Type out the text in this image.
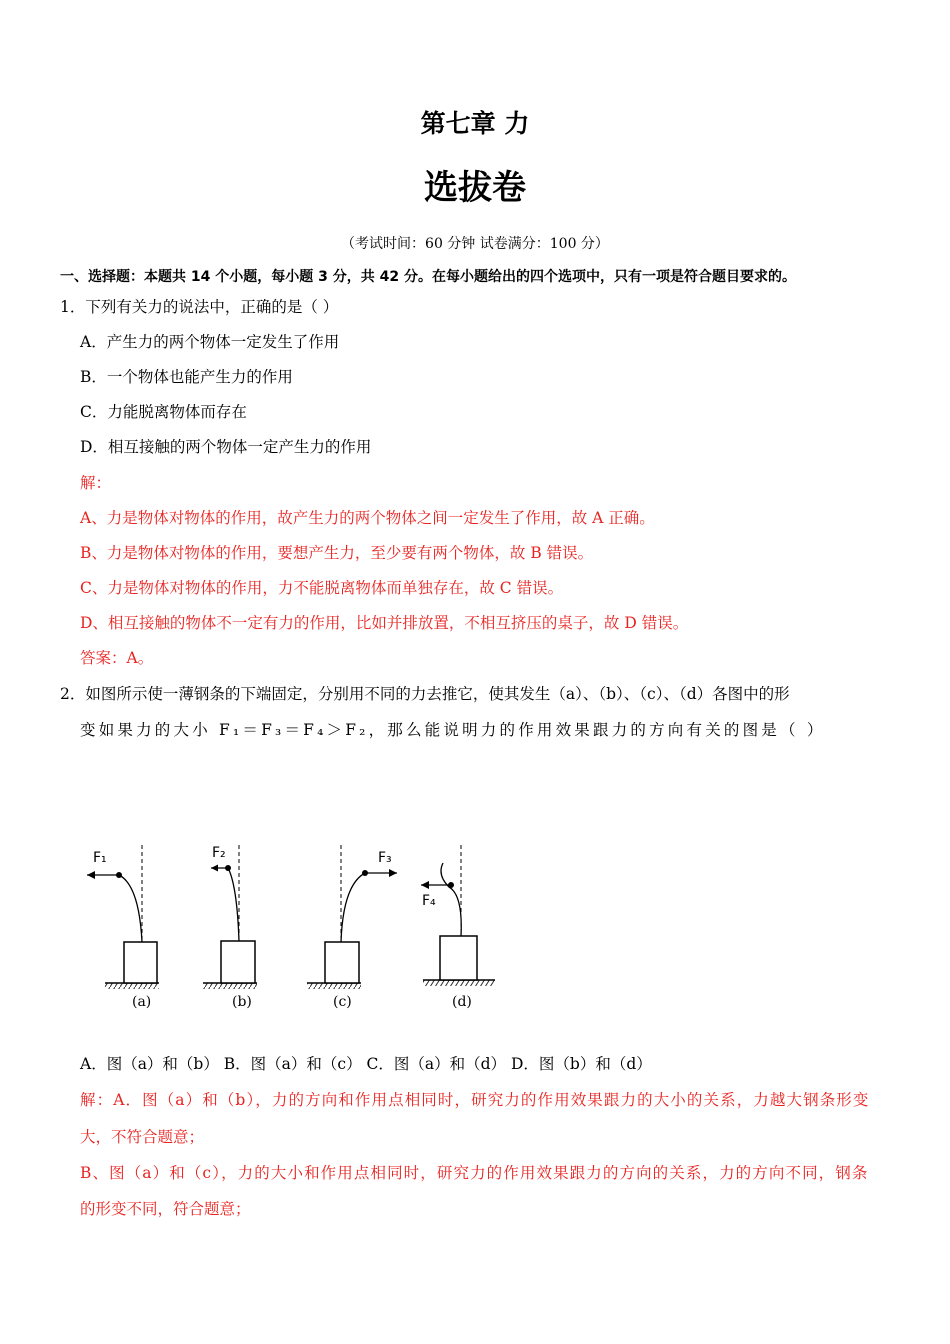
第七章 力
选拔卷
（考试时间：60 分钟 试卷满分：100 分）
一、选择题：本题共 14 个小题，每小题 3 分，共 42 分。在每小题给出的四个选项中，只有一项是符合题目要求的。
1．下列有关力的说法中，正确的是（ ）
A．产生力的两个物体一定发生了作用
B．一个物体也能产生力的作用
C．力能脱离物体而存在
D．相互接触的两个物体一定产生力的作用
解：
A、力是物体对物体的作用，故产生力的两个物体之间一定发生了作用，故 A 正确。
B、力是物体对物体的作用，要想产生力，至少要有两个物体，故 B 错误。
C、力是物体对物体的作用，力不能脱离物体而单独存在，故 C 错误。
D、相互接触的物体不一定有力的作用，比如并排放置，不相互挤压的桌子，故 D 错误。
答案：A。
2．如图所示使一薄钢条的下端固定，分别用不同的力去推它，使其发生（a）、（b）、（c）、（d）各图中的形
变如果力的大小 F₁＝F₃＝F₄＞F₂，那么能说明力的作用效果跟力的方向有关的图是（ ）
F₁	F₂	F₃
F₄
(a)	(b)	(c)	(d)
A．图（a）和（b） B．图（a）和（c） C．图（a）和（d） D．图（b）和（d）
解：A．图（a）和（b），力的方向和作用点相同时，研究力的作用效果跟力的大小的关系，力越大钢条形变
大，不符合题意；
B、图（a）和（c），力的大小和作用点相同时，研究力的作用效果跟力的方向的关系，力的方向不同，钢条
的形变不同，符合题意；
